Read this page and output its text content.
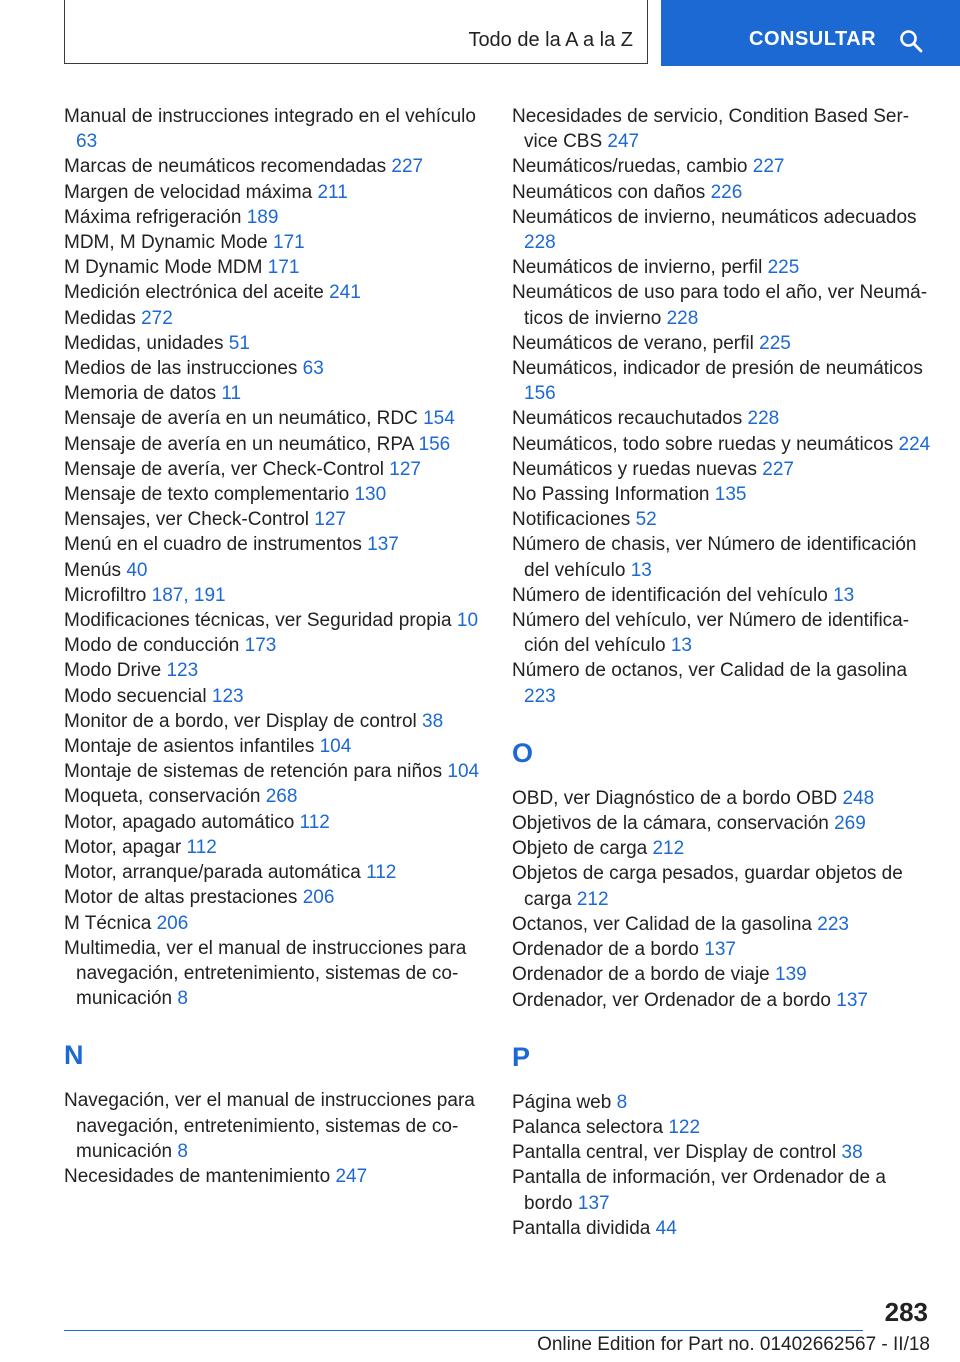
Todo de la A a la Z	CONSULTAR
Manual de instrucciones integrado en el vehículo 63
Marcas de neumáticos recomendadas 227
Margen de velocidad máxima 211
Máxima refrigeración 189
MDM, M Dynamic Mode 171
M Dynamic Mode MDM 171
Medición electrónica del aceite 241
Medidas 272
Medidas, unidades 51
Medios de las instrucciones 63
Memoria de datos 11
Mensaje de avería en un neumático, RDC 154
Mensaje de avería en un neumático, RPA 156
Mensaje de avería, ver Check-Control 127
Mensaje de texto complementario 130
Mensajes, ver Check-Control 127
Menú en el cuadro de instrumentos 137
Menús 40
Microfiltro 187, 191
Modificaciones técnicas, ver Seguridad propia 10
Modo de conducción 173
Modo Drive 123
Modo secuencial 123
Monitor de a bordo, ver Display de control 38
Montaje de asientos infantiles 104
Montaje de sistemas de retención para niños 104
Moqueta, conservación 268
Motor, apagado automático 112
Motor, apagar 112
Motor, arranque/parada automática 112
Motor de altas prestaciones 206
M Técnica 206
Multimedia, ver el manual de instrucciones para navegación, entretenimiento, sistemas de comunicación 8
N
Navegación, ver el manual de instrucciones para navegación, entretenimiento, sistemas de comunicación 8
Necesidades de mantenimiento 247
Necesidades de servicio, Condition Based Service CBS 247
Neumáticos/ruedas, cambio 227
Neumáticos con daños 226
Neumáticos de invierno, neumáticos adecuados 228
Neumáticos de invierno, perfil 225
Neumáticos de uso para todo el año, ver Neumáticos de invierno 228
Neumáticos de verano, perfil 225
Neumáticos, indicador de presión de neumáticos 156
Neumáticos recauchutados 228
Neumáticos, todo sobre ruedas y neumáticos 224
Neumáticos y ruedas nuevas 227
No Passing Information 135
Notificaciones 52
Número de chasis, ver Número de identificación del vehículo 13
Número de identificación del vehículo 13
Número del vehículo, ver Número de identificación del vehículo 13
Número de octanos, ver Calidad de la gasolina 223
O
OBD, ver Diagnóstico de a bordo OBD 248
Objetivos de la cámara, conservación 269
Objeto de carga 212
Objetos de carga pesados, guardar objetos de carga 212
Octanos, ver Calidad de la gasolina 223
Ordenador de a bordo 137
Ordenador de a bordo de viaje 139
Ordenador, ver Ordenador de a bordo 137
P
Página web 8
Palanca selectora 122
Pantalla central, ver Display de control 38
Pantalla de información, ver Ordenador de a bordo 137
Pantalla dividida 44
283
Online Edition for Part no. 01402662567 - II/18
